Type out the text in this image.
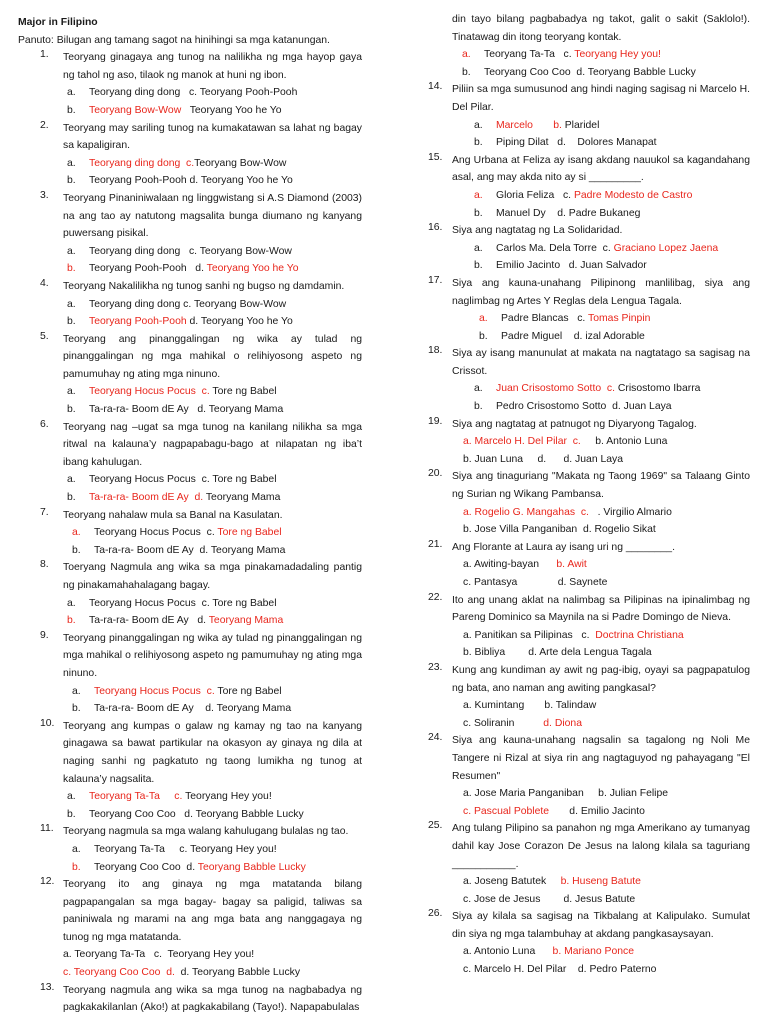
Major in Filipino
Panuto: Bilugan ang tamang sagot na hinihingi sa mga katanungan.
1. Teoryang ginagaya ang tunog na nalilikha ng mga hayop gaya ng tahol ng aso, tilaok ng manok at huni ng ibon.
a. Teoryang ding dong   c. Teoryang Pooh-Pooh
b. Teoryang Bow-Wow   Teoryang Yoo he Yo
2. Teoryang may sariling tunog na kumakatawan sa lahat ng bagay sa kapaligiran.
a. Teoryang ding dong  c.Teoryang Bow-Wow
b. Teoryang Pooh-Pooh d. Teoryang Yoo he Yo
3. Teoryang Pinaniniwalaan ng linggwistang si A.S Diamond (2003) na ang tao ay natutong magsalita bunga diumano ng kanyang puwersang pisikal.
a. Teoryang ding dong   c. Teoryang Bow-Wow
b. Teoryang Pooh-Pooh   d. Teoryang Yoo he Yo
4. Teoryang Nakalilikha ng tunog sanhi ng bugso ng damdamin.
a. Teoryang ding dong c. Teoryang Bow-Wow
b. Teoryang Pooh-Pooh d. Teoryang Yoo he Yo
5. Teoryang ang pinanggalingan ng wika ay tulad ng pinanggalingan ng mga mahikal o relihiyosong aspeto ng pamumuhay ng ating mga ninuno.
a. Teoryang Hocus Pocus  c. Tore ng Babel
b. Ta-ra-ra- Boom dE Ay   d. Teoryang Mama
6. Teoryang nag –ugat sa mga tunog na kanilang nilikha sa mga ritwal na kalauna’y nagpapabagu-bago at nilapatan ng iba’t ibang kahulugan.
a. Teoryang Hocus Pocus  c. Tore ng Babel
b. Ta-ra-ra- Boom dE Ay  d. Teoryang Mama
7. Teoryang nahalaw mula sa Banal na Kasulatan.
a. Teoryang Hocus Pocus  c. Tore ng Babel
b. Ta-ra-ra- Boom dE Ay  d. Teoryang Mama
8. Toeryang Nagmula ang wika sa mga pinakamadadaling pantig ng pinakamahahalagang bagay.
a. Teoryang Hocus Pocus  c. Tore ng Babel
b. Ta-ra-ra- Boom dE Ay   d. Teoryang Mama
9. Teoryang pinanggalingan ng wika ay tulad ng pinanggalingan ng mga mahikal o relihiyosong aspeto ng pamumuhay ng ating mga ninuno.
a. Teoryang Hocus Pocus  c. Tore ng Babel
b. Ta-ra-ra- Boom dE Ay    d. Teoryang Mama
10. Teoryang ang kumpas o galaw ng kamay ng tao na kanyang ginagawa sa bawat partikular na okasyon ay ginaya ng dila at naging sanhi ng pagkatuto ng taong lumikha ng tunog at kalauna’y nagsalita.
a. Teoryang Ta-Ta     c. Teoryang Hey you!
b. Teoryang Coo Coo   d. Teoryang Babble Lucky
11. Teoryang nagmula sa mga walang kahulugang bulalas ng tao.
a. Teoryang Ta-Ta     c. Teoryang Hey you!
b. Teoryang Coo Coo  d. Teoryang Babble Lucky
12. Teoryang ito ang ginaya ng mga matatanda bilang pagpapangalan sa mga bagay- bagay sa paligid, taliwas sa paniniwala ng marami na ang mga bata ang nanggagaya ng tunog ng mga matatanda.
a. Teoryang Ta-Ta   c.  Teoryang Hey you!
c. Teoryang Coo Coo  d.  d. Teoryang Babble Lucky
13. Teoryang nagmula ang wika sa mga tunog na nagbabadya ng pagkakakilanlan (Ako!) at pagkakabilang (Tayo!). Napapabulalas
din tayo bilang pagbabadya ng takot, galit o sakit (Saklolo!). Tinatawag din itong teoryang kontak.
a. Teoryang Ta-Ta   c. Teoryang Hey you!
b. Teoryang Coo Coo  d. Teoryang Babble Lucky
14. Piliin sa mga sumusunod ang hindi naging sagisag ni Marcelo H. Del Pilar.
a. Marcelo b. Plaridel
b. Piping Dilat   d.    Dolores Manapat
15. Ang Urbana at Feliza ay isang akdang nauukol sa kagandahang asal, ang may akda nito ay si _________.
a. Gloria Feliza   c. Padre Modesto de Castro
b. Manuel Dy    d. Padre Bukaneg
16. Siya ang nagtatag ng La Solidaridad.
a. Carlos Ma. Dela Torre  c. Graciano Lopez Jaena
b. Emilio Jacinto   d. Juan Salvador
17. Siya ang kauna-unahang Pilipinong manlilibag, siya ang naglimbag ng Artes Y Reglas dela Lengua Tagala.
a. Padre Blancas   c. Tomas Pinpin
b. Padre Miguel    d. izal Adorable
18. Siya ay isang manunulat at makata na nagtatago sa sagisag na Crissot.
a. Juan Crisostomo Sotto  c. Crisostomo Ibarra
b. Pedro Crisostomo Sotto  d. Juan Laya
19. Siya ang nagtatag at patnugot ng Diyaryong Tagalog.
a. Marcelo H. Del Pilar  c.     b. Antonio Luna
b. Juan Luna     d.      d. Juan Laya
20. Siya ang tinaguriang "Makata ng Taong 1969" sa Talaang Ginto ng Surian ng Wikang Pambansa.
a. Rogelio G. Mangahas  c.   . Virgilio Almario
b. Jose Villa Panganiban  d. Rogelio Sikat
21. Ang Florante at Laura ay isang uri ng ________.
a. Awiting-bayan      b. Awit
c. Pantasya              d. Saynete
22. Ito ang unang aklat na nalimbag sa Pilipinas na ipinalimbag ng Pareng Dominico sa Maynila na si Padre Domingo de Nieva.
a. Panitikan sa Pilipinas   c.  Doctrina Christiana
b. Bibliya        d. Arte dela Lengua Tagala
23. Kung ang kundiman ay awit ng pag-ibig, oyayi sa pagpapatulog ng bata, ano naman ang awiting pangkasal?
a. Kumintang       b. Talindaw
c. Soliranin          d. Diona
24. Siya ang kauna-unahang nagsalin sa tagalong ng Noli Me Tangere ni Rizal at siya rin ang nagtaguyod ng pahayagang "El Resumen"
a. Jose Maria Panganiban     b. Julian Felipe
c. Pascual Poblete       d. Emilio Jacinto
25. Ang tulang Pilipino sa panahon ng mga Amerikano ay tumanyag dahil kay Jose Corazon De Jesus na lalong kilala sa taguriang ___________.
a. Joseng Batutek     b. Huseng Batute
c. Jose de Jesus        d. Jesus Batute
26. Siya ay kilala sa sagisag na Tikbalang at Kalipulako. Sumulat din siya ng mga talambuhay at akdang pangkasaysayan.
a. Antonio Luna      b. Mariano Ponce
c. Marcelo H. Del Pilar    d. Pedro Paterno
